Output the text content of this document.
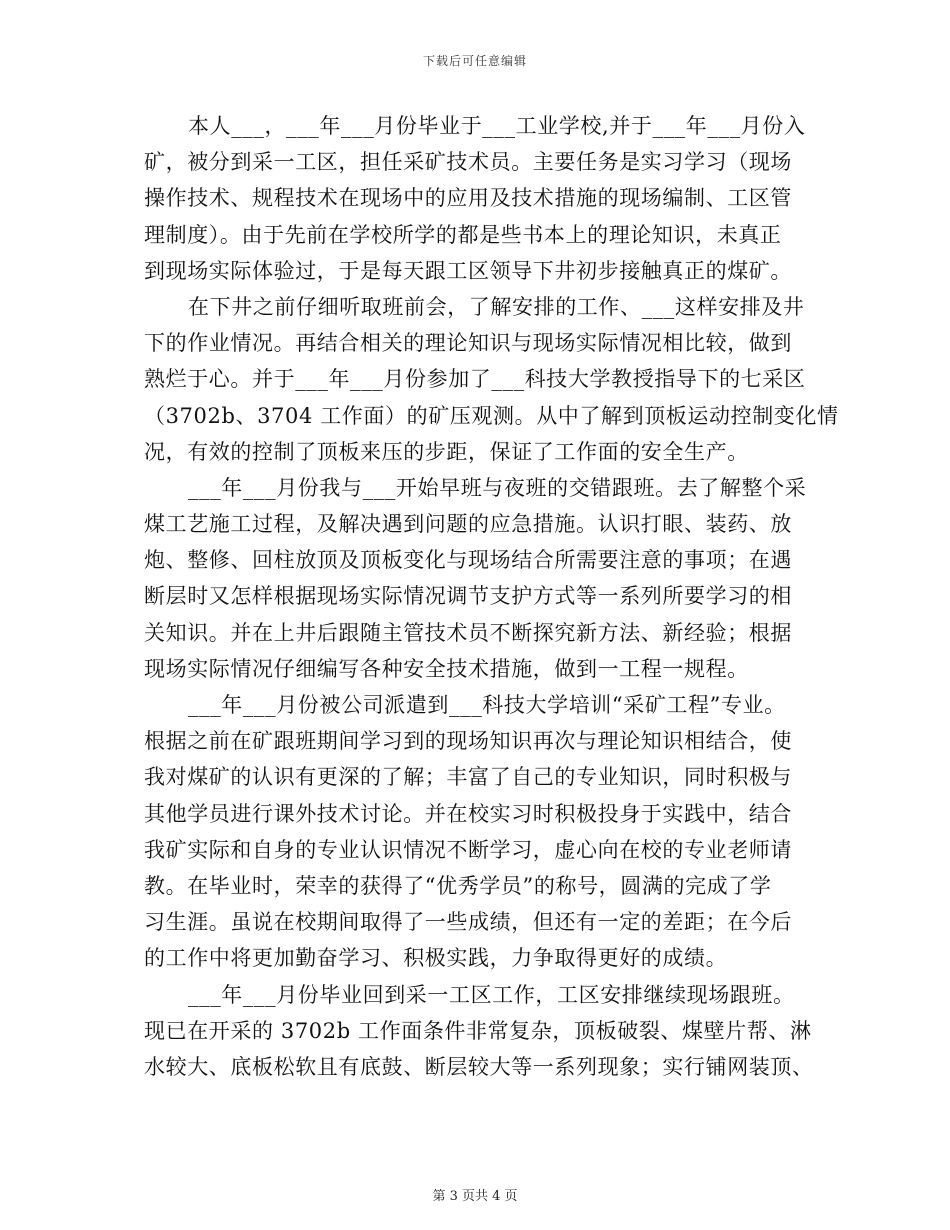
下载后可任意编辑
本人___，___年___月份毕业于___工业学校,并于___年___月份入
矿，被分到采一工区，担任采矿技术员。主要任务是实习学习（现场
操作技术、规程技术在现场中的应用及技术措施的现场编制、工区管
理制度）。由于先前在学校所学的都是些书本上的理论知识，未真正
到现场实际体验过，于是每天跟工区领导下井初步接触真正的煤矿。
在下井之前仔细听取班前会，了解安排的工作、___这样安排及井
下的作业情况。再结合相关的理论知识与现场实际情况相比较，做到
熟烂于心。并于___年___月份参加了___科技大学教授指导下的七采区
（3702b、3704 工作面）的矿压观测。从中了解到顶板运动控制变化情
况，有效的控制了顶板来压的步距，保证了工作面的安全生产。
___年___月份我与___开始早班与夜班的交错跟班。去了解整个采
煤工艺施工过程，及解决遇到问题的应急措施。认识打眼、装药、放
炮、整修、回柱放顶及顶板变化与现场结合所需要注意的事项；在遇
断层时又怎样根据现场实际情况调节支护方式等一系列所要学习的相
关知识。并在上井后跟随主管技术员不断探究新方法、新经验；根据
现场实际情况仔细编写各种安全技术措施，做到一工程一规程。
___年___月份被公司派遣到___科技大学培训“采矿工程”专业。
根据之前在矿跟班期间学习到的现场知识再次与理论知识相结合，使
我对煤矿的认识有更深的了解；丰富了自己的专业知识，同时积极与
其他学员进行课外技术讨论。并在校实习时积极投身于实践中，结合
我矿实际和自身的专业认识情况不断学习，虚心向在校的专业老师请
教。在毕业时，荣幸的获得了“优秀学员”的称号，圆满的完成了学
习生涯。虽说在校期间取得了一些成绩，但还有一定的差距；在今后
的工作中将更加勤奋学习、积极实践，力争取得更好的成绩。
___年___月份毕业回到采一工区工作，工区安排继续现场跟班。
现已在开采的 3702b 工作面条件非常复杂，顶板破裂、煤壁片帮、淋
水较大、底板松软且有底鼓、断层较大等一系列现象；实行铺网装顶、
第 3 页共 4 页
